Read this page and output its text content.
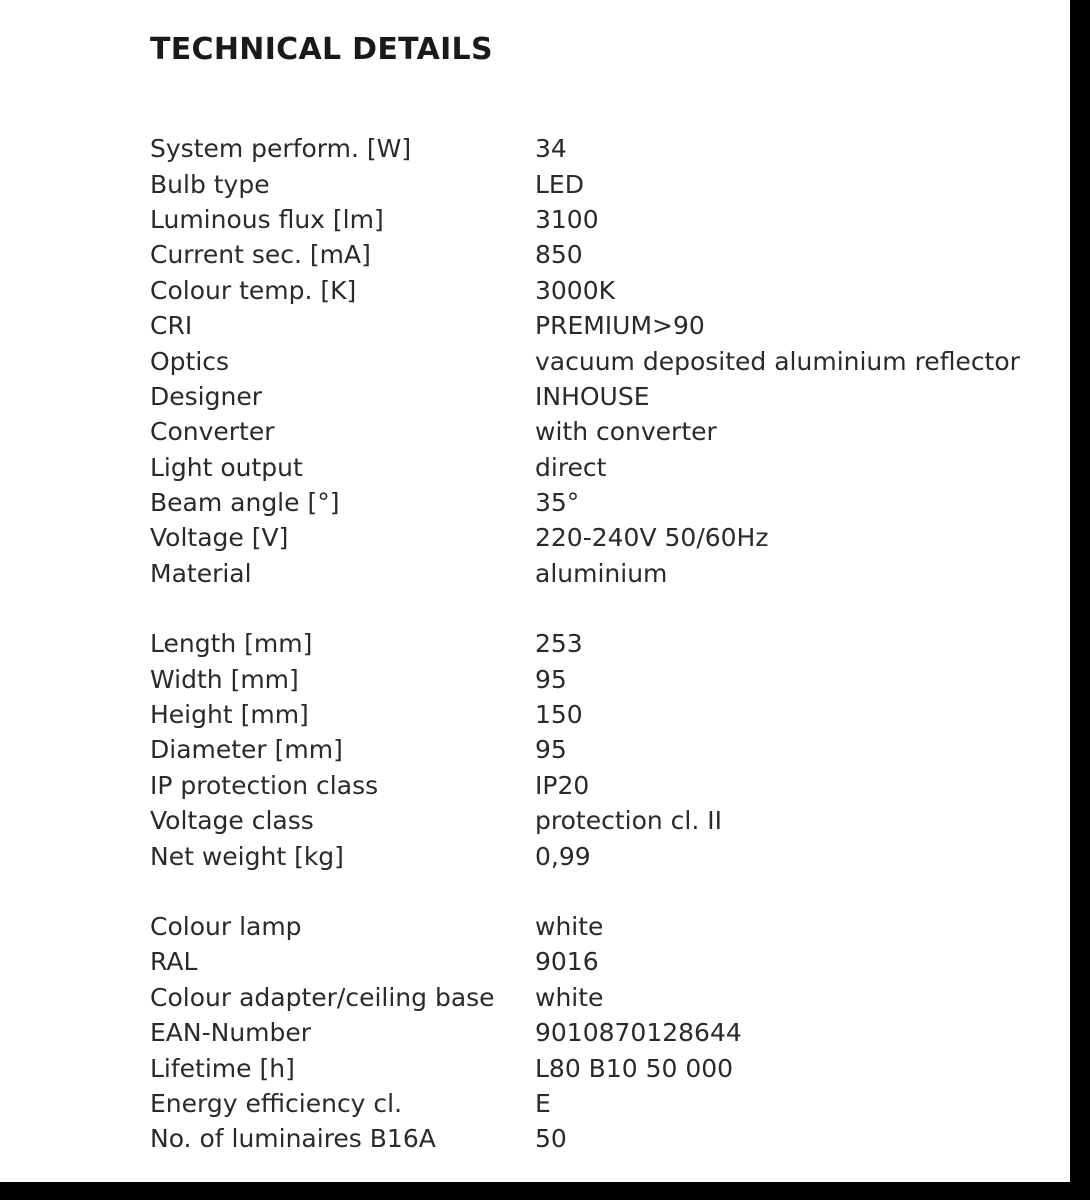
TECHNICAL DETAILS
System perform. [W]	34
Bulb type	LED
Luminous flux [lm]	3100
Current sec. [mA]	850
Colour temp. [K]	3000K
CRI	PREMIUM>90
Optics	vacuum deposited aluminium reflector
Designer	INHOUSE
Converter	with converter
Light output	direct
Beam angle [°]	35°
Voltage [V]	220-240V 50/60Hz
Material	aluminium
Length [mm]	253
Width [mm]	95
Height [mm]	150
Diameter [mm]	95
IP protection class	IP20
Voltage class	protection cl. II
Net weight [kg]	0,99
Colour lamp	white
RAL	9016
Colour adapter/ceiling base	white
EAN-Number	9010870128644
Lifetime [h]	L80 B10 50 000
Energy efficiency cl.	E
No. of luminaires B16A	50
